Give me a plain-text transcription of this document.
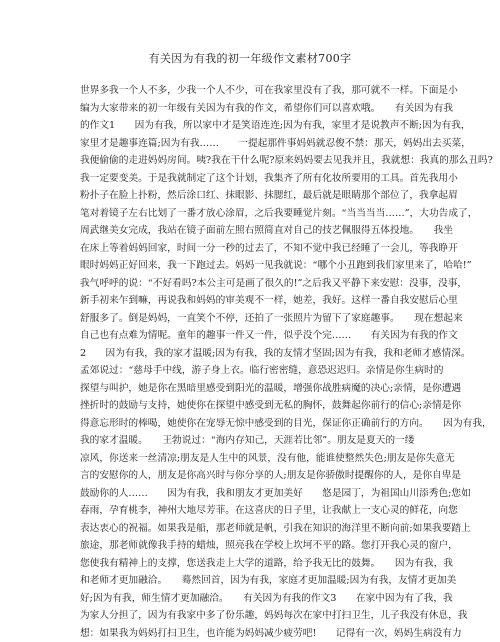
有关因为有我的初一年级作文素材700字
世界多我一个人不多，少我一个人不少，可在我家里没有了我，那可就不一样。下面是小
编为大家带来的初一年级有关因为有我的作文，希望你们可以喜欢哦。　　有关因为有我
的作文1　　因为有我，所以家中才是笑语连连;因为有我，家里才是说教声不断;因为有我，
家里才是趣事连篇;因为有我……　　一提起那件事妈妈就忍俊不禁：那天，妈妈出去买菜，
我便偷偷的走进妈妈房间。咦?我在干什么呢?原来妈妈要去见我并且，我就想：我真的那么丑吗?
我一定要变美。于是我就制定了这个计划，我集齐了所有化妆所要用的工具。首先我用小
粉扑子在脸上扑粉，然后涂口红、抹眼影、抹腮红，最后就是眼睛那个部位了，我拿起眉
笔对着镜子左右比划了一番才放心涂眉，之后我要睡觉片刻。“当当当当……”，大功告成了，
周武继美女完成，我站在镜子面前左照右照简直对自己的技艺佩服得五体投地。　　我坐
在床上等着妈妈回家，时间一分一秒的过去了，不知不觉中我已经睡了一会儿，等我睁开
眼时妈妈正好回来，我一下跑过去。妈妈一见我就说：“哪个小丑跑到我们家里来了，哈哈!”
我气呼呼的说：“不好看吗?本公主可是画了很久的!”之后我又平静下来安慰：没事，没事，
新手初来乍到嘛，再说我和妈妈的审美观不一样，她差，我好。这样一番自我安慰后心里
舒服多了。倒是妈妈，一直笑个不停，还拍了一张照片为留下了家庭趣事。　　现在想起来
自己也有点难为情呢。童年的趣事一件又一件，似乎没个完……　　有关因为有我的作文
2　　因为有我，我的家才温暖;因为有我，我的友情才坚固;因为有我，我和老师才感情深。
孟郊说过：“慈母手中线，游子身上衣。临行密密缝，意恐迟迟归。亲情是你生病时的
探望与叫护，她是你在黑暗里感受到阳光的温暖，增强你战胜病魔的决心;亲情，是你遭遇
挫折时的鼓励与支持，她使你在探望中感受到无私的胸怀，鼓舞起你前行的信心;亲情是你
得意忘形时的棒喝，她使你在宠辱无惊中感受到的目光，保证你正确前行的方向。　　因为有我，
我的家才温暖。　　王勃说过：“海内存知己，天涯若比邻”。朋友是夏天的一缕
凉风，你送来一丝清凉;朋友是人生中的风景，没有他，能谁使整然失色;朋友是你失意无
言的安慰你的人，朋友是你高兴时与你分享的人;朋友是你骄傲时提醒你的人，是你自卑是
鼓励你的人……　　因为有我，我和朋友才更加美好　　悠是园丁，为祖国山川添秀色;您如
春雨，孕育桃李，神州大地尽芳菲。在这喜庆的日子里，让我献上一支心灵的鲜花，向您
表达衷心的祝福。如果我是船，那老师就是帆，引我在知识的海洋里不断向前;如果我要踏上
旅途，那老师就像我手持的蜡烛，照亮我在学校上坎坷不平的路。您打开我心灵的窗户，
您使我有精神上的支撑，您送我走上大学的道路，给予我无比的鼓舞。　　因为有我，我
和老师才更加融洽。　　蓦然回首，因为有我，家庭才更加温暖;因为有我，友情才更加美
好;因为有我，师生情才更加融洽。　　有关因为有我的作文3　　在家中因为有了我，我
为家人分担了，因为有我家中多了份乐趣，妈妈每次在家中打扫卫生，儿子我没有休息，我
想：如果我为妈妈打扫卫生，也许能为妈妈减少疲劳吧!　　记得有一次，妈妈生病没有力
